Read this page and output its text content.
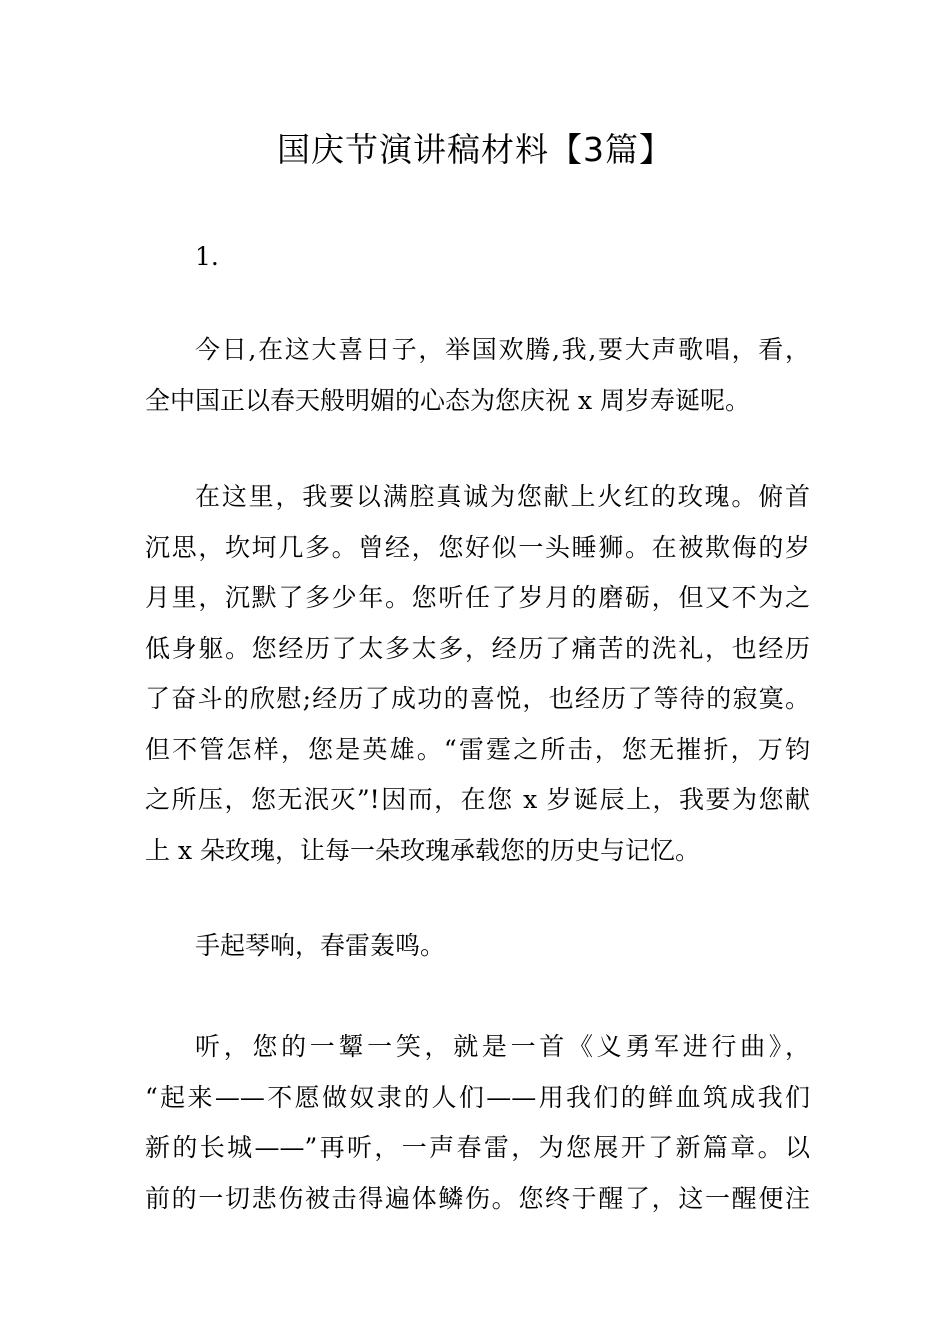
国庆节演讲稿材料【3篇】
1.
今日,在这大喜日子，举国欢腾,我,要大声歌唱，看，
全中国正以春天般明媚的心态为您庆祝 x 周岁寿诞呢。
在这里，我要以满腔真诚为您献上火红的玫瑰。俯首
沉思，坎坷几多。曾经，您好似一头睡狮。在被欺侮的岁
月里，沉默了多少年。您听任了岁月的磨砺，但又不为之
低身躯。您经历了太多太多，经历了痛苦的洗礼，也经历
了奋斗的欣慰;经历了成功的喜悦，也经历了等待的寂寞。
但不管怎样，您是英雄。“雷霆之所击，您无摧折，万钧
之所压，您无泯灭”!因而，在您 x 岁诞辰上，我要为您献
上 x 朵玫瑰，让每一朵玫瑰承载您的历史与记忆。
手起琴响，春雷轰鸣。
听，您的一颦一笑，就是一首《义勇军进行曲》，
“起来——不愿做奴隶的人们——用我们的鲜血筑成我们
新的长城——”再听，一声春雷，为您展开了新篇章。以
前的一切悲伤被击得遍体鳞伤。您终于醒了，这一醒便注
